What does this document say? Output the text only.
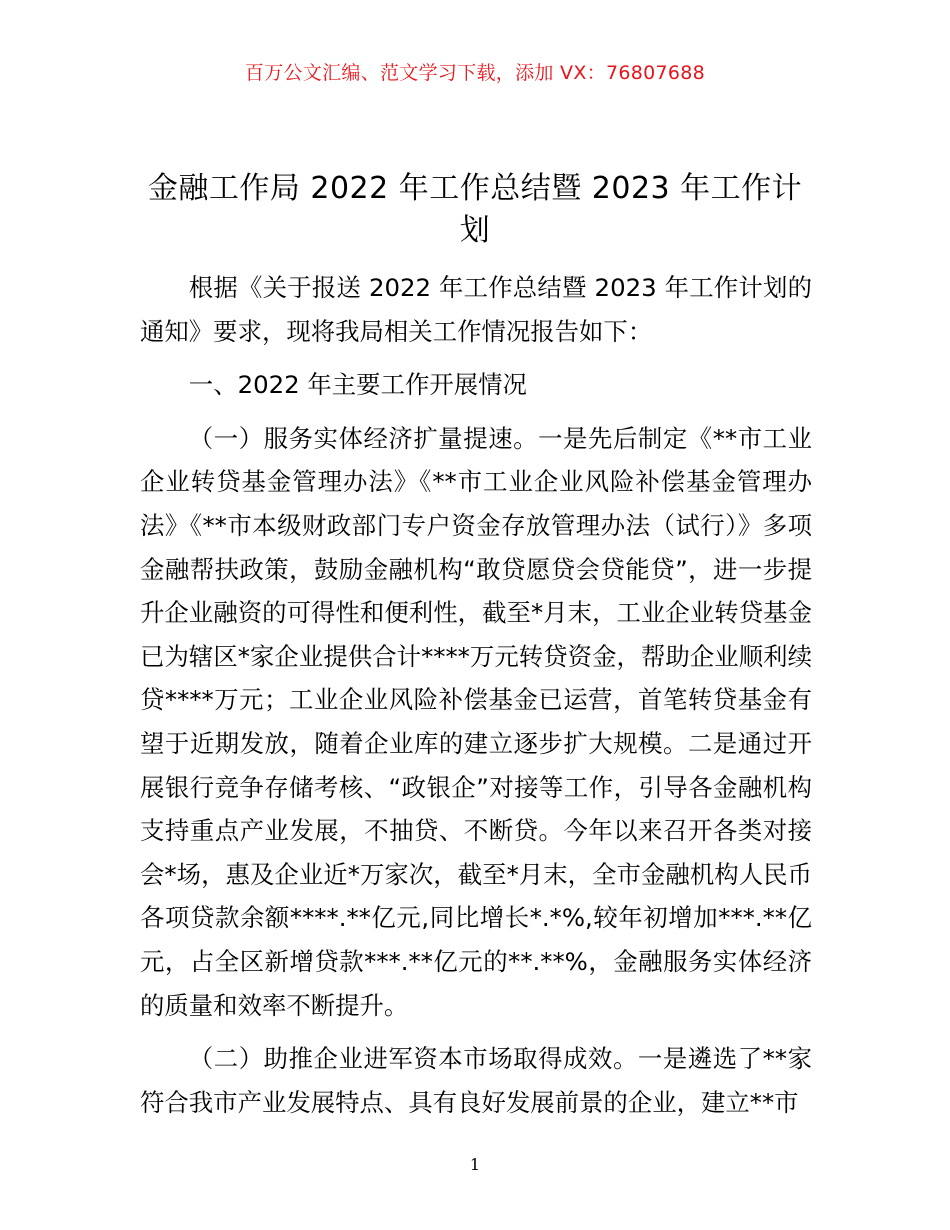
百万公文汇编、范文学习下载，添加 VX：76807688
金融工作局 2022 年工作总结暨 2023 年工作计划

根据《关于报送 2022 年工作总结暨 2023 年工作计划的通知》要求，现将我局相关工作情况报告如下：

一、2022 年主要工作开展情况

（一）服务实体经济扩量提速。一是先后制定《**市工业企业转贷基金管理办法》《**市工业企业风险补偿基金管理办法》《**市本级财政部门专户资金存放管理办法（试行）》多项金融帮扶政策，鼓励金融机构“敢贷愿贷会贷能贷”，进一步提升企业融资的可得性和便利性，截至*月末，工业企业转贷基金已为辖区*家企业提供合计****万元转贷资金，帮助企业顺利续贷****万元；工业企业风险补偿基金已运营，首笔转贷基金有望于近期发放，随着企业库的建立逐步扩大规模。二是通过开展银行竞争存储考核、“政银企”对接等工作，引导各金融机构支持重点产业发展，不抽贷、不断贷。今年以来召开各类对接会*场，惠及企业近*万家次，截至*月末，全市金融机构人民币各项贷款余额****.**亿元,同比增长*.*%,较年初增加***.**亿元，占全区新增贷款***.**亿元的**.**%，金融服务实体经济的质量和效率不断提升。

（二）助推企业进军资本市场取得成效。一是遴选了**家符合我市产业发展特点、具有良好发展前景的企业，建立**市

1
